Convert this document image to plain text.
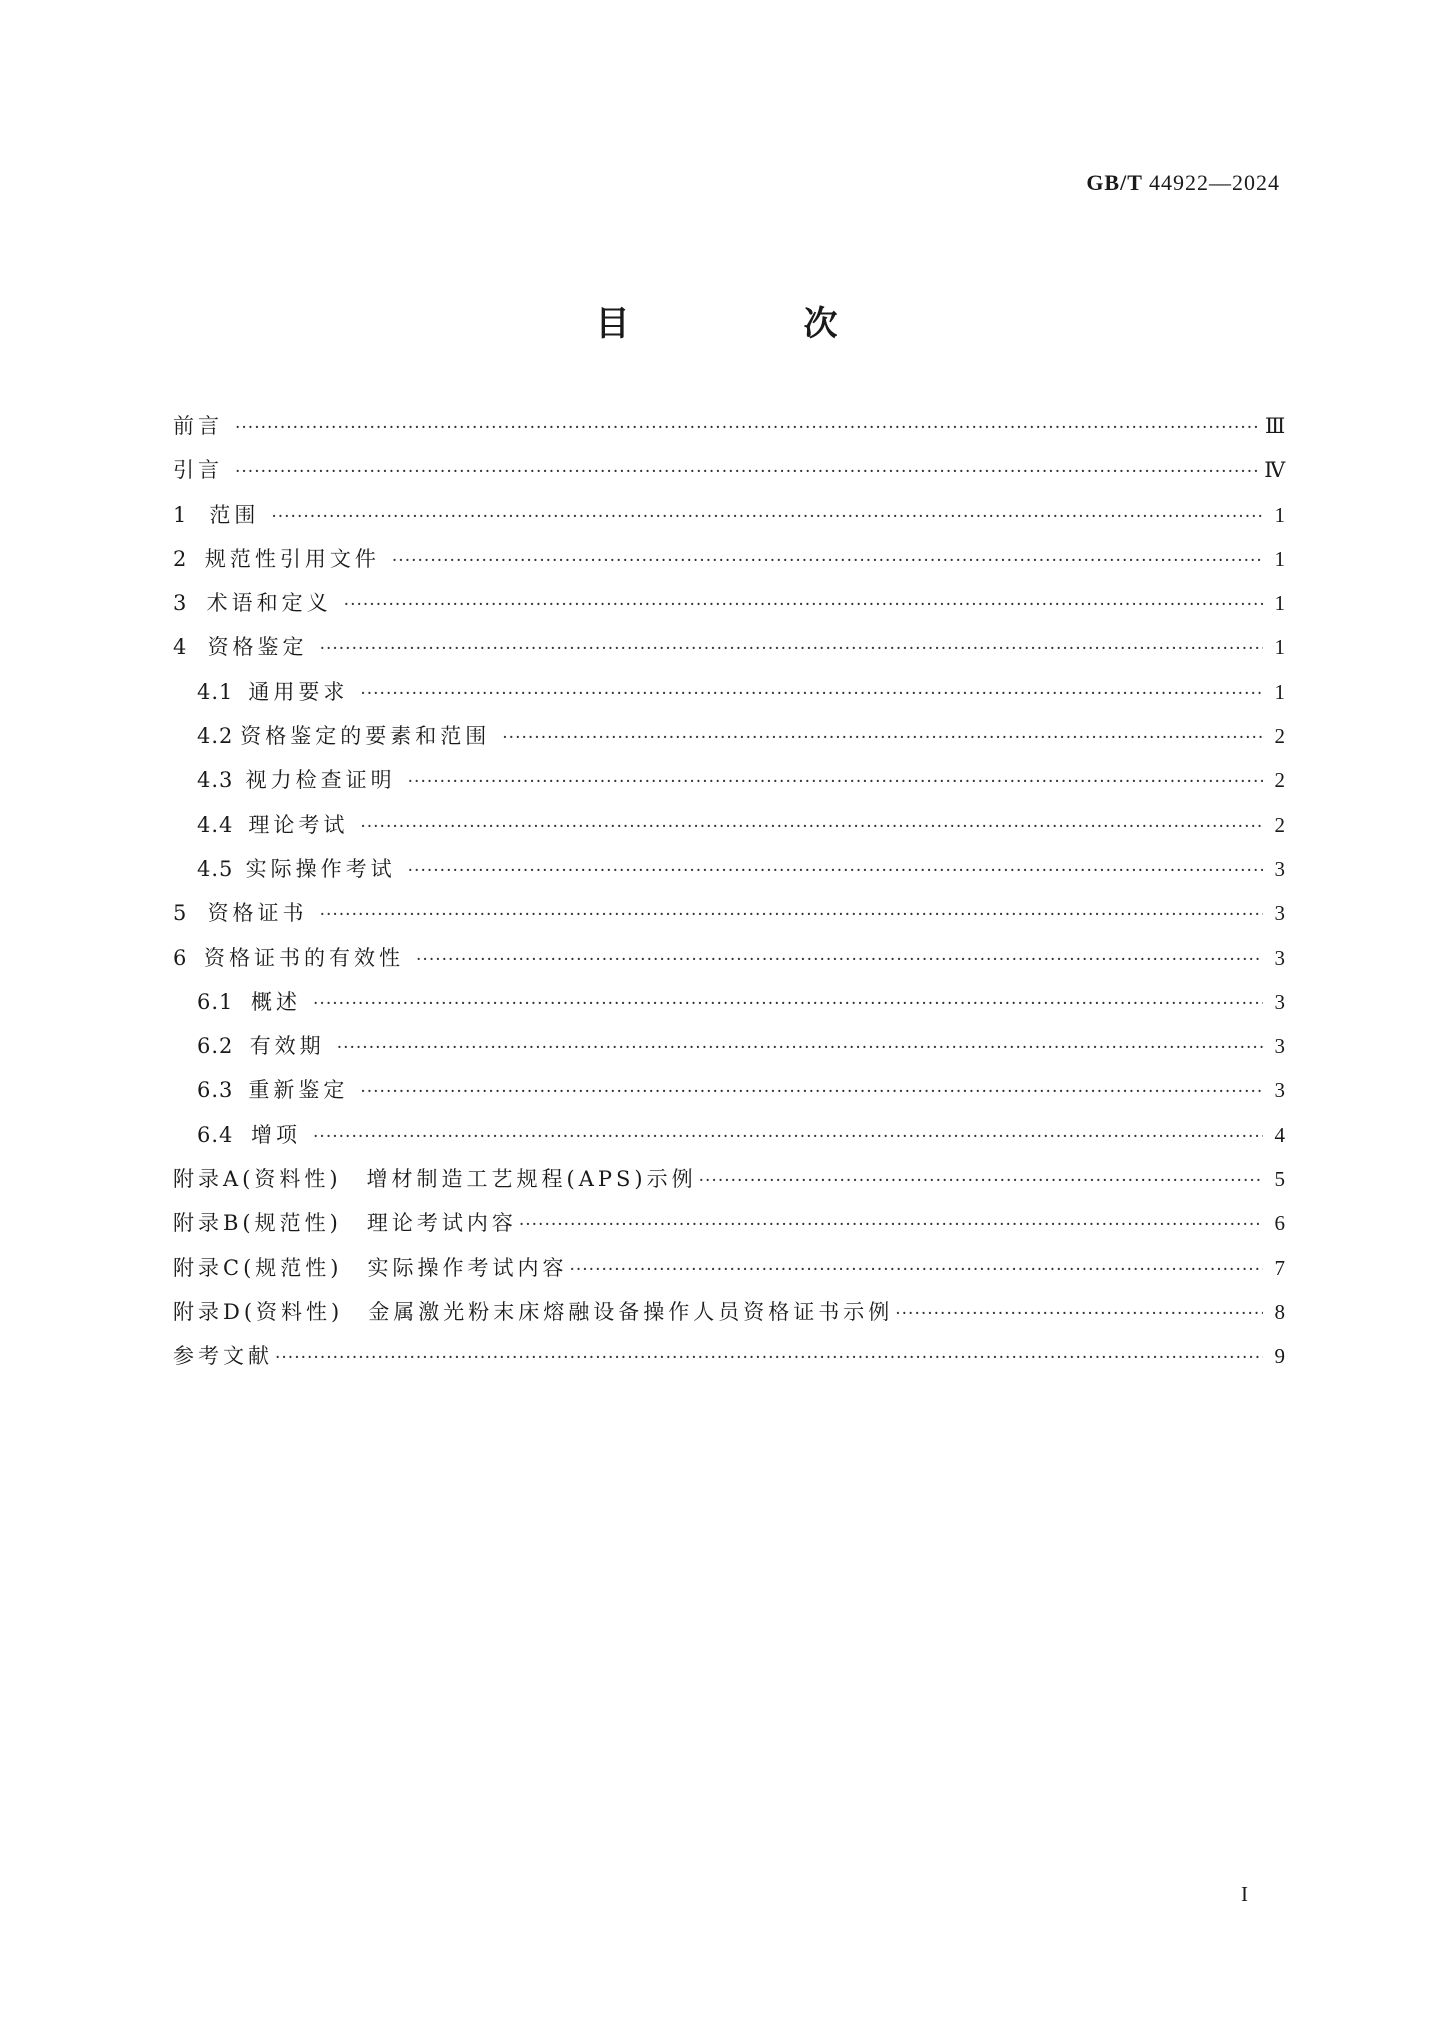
GB/T 44922—2024
目　次
前言 ·····	Ⅲ
引言 ·····	Ⅳ
1	范围 ·····	1
2 规范性引用文件 ·····	1
3 术语和定义 ·····	1
4 资格鉴定 ·····	1
4.1 通用要求 ·····	1
4.2 资格鉴定的要素和范围 ·····	2
4.3 视力检查证明 ·····	2
4.4 理论考试 ·····	2
4.5 实际操作考试 ·····	3
5 资格证书 ·····	3
6 资格证书的有效性 ·····	3
6.1 概述 ·····	3
6.2 有效期 ·····	3
6.3 重新鉴定 ·····	3
6.4 增项 ·····	4
附录A(资料性)　增材制造工艺规程(APS)示例 ·····	5
附录B(规范性)　理论考试内容 ·····	6
附录C(规范性)　实际操作考试内容 ·····	7
附录D(资料性)　金属激光粉末床熔融设备操作人员资格证书示例 ·····	8
参考文献 ·····	9
I
